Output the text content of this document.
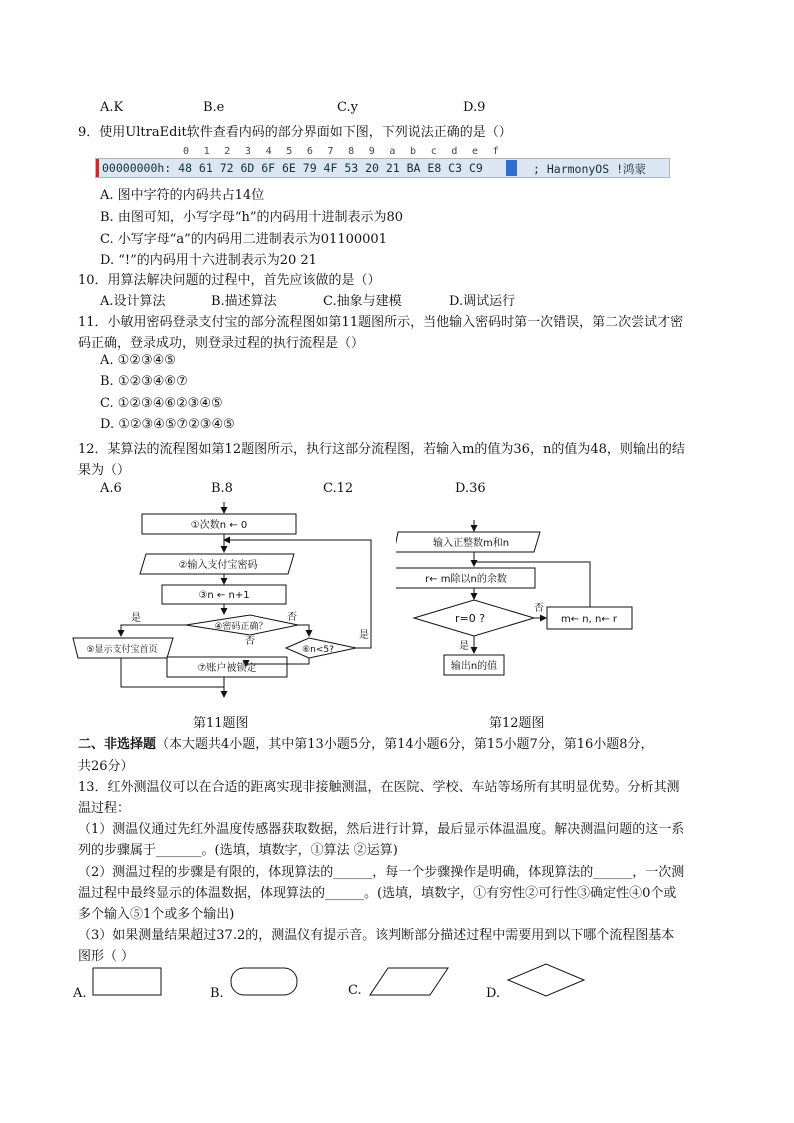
A.K	B.e	C.y	D.9
9．使用UltraEdit软件查看内码的部分界面如下图，下列说法正确的是（）
0 1 2 3 4 5 6 7 8 9 a b c d e f
00000000h: 48 61 72 6D 6F 6E 79 4F 53 20 21 BA E8 C3 C9	; HarmonyOS !鸿蒙
A. 图中字符的内码共占14位
B. 由图可知，小写字母“h”的内码用十进制表示为80
C. 小写字母“a”的内码用二进制表示为01100001
D. “!”的内码用十六进制表示为20 21
10．用算法解决问题的过程中，首先应该做的是（）
A.设计算法	B.描述算法	C.抽象与建模	D.调试运行
11．小敏用密码登录支付宝的部分流程图如第11题图所示，当他输入密码时第一次错误，第二次尝试才密
码正确，登录成功，则登录过程的执行流程是（）
A. ①②③④⑤
B. ①②③④⑥⑦
C. ①②③④⑥②③④⑤
D. ①②③④⑤⑦②③④⑤
12．某算法的流程图如第12题图所示，执行这部分流程图，若输入m的值为36，n的值为48，则输出的结
果为（）
A.6	B.8	C.12	D.36
①次数n ← 0
②输入支付宝密码
③n ← n+1
④密码正确？
⑤显示支付宝首页	⑥n<5?
⑦账户被锁定
是	否
否
是
输入正整数m和n
r← m除以n的余数
r=0 ?	m← n, n← r
输出n的值
是
否
第11题图	第12题图
二、非选择题（本大题共4小题，其中第13小题5分，第14小题6分，第15小题7分，第16小题8分，
共26分）
13．红外测温仪可以在合适的距离实现非接触测温，在医院、学校、车站等场所有其明显优势。分析其测
温过程：
（1）测温仪通过先红外温度传感器获取数据，然后进行计算，最后显示体温温度。解决测温问题的这一系
列的步骤属于_______。(选填，填数字，①算法 ②运算)
（2）测温过程的步骤是有限的，体现算法的______，每一个步骤操作是明确，体现算法的______，一次测
温过程中最终显示的体温数据，体现算法的______。(选填，填数字，①有穷性②可行性③确定性④0个或
多个输入⑤1个或多个输出)
（3）如果测量结果超过37.2的，测温仪有提示音。该判断部分描述过程中需要用到以下哪个流程图基本
图形（ ）
A.	B.	C.	D.
